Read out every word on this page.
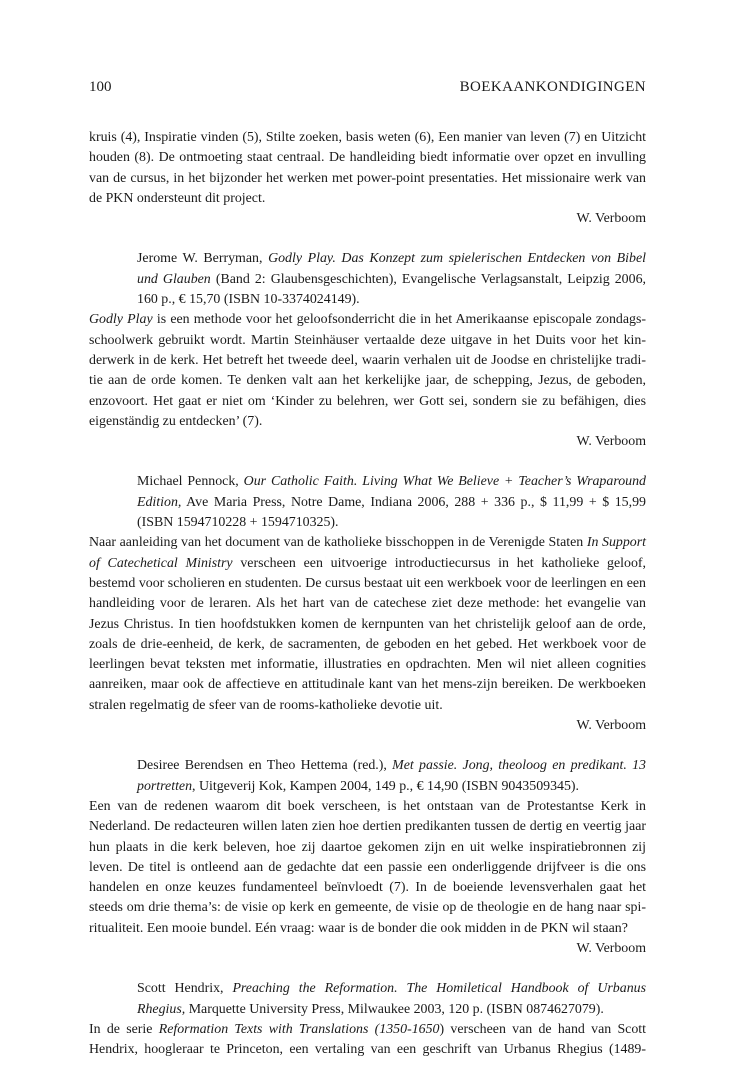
100	BOEKAANKONDIGINGEN

kruis (4), Inspiratie vinden (5), Stilte zoeken, basis weten (6), Een manier van leven (7) en Uitzicht houden (8). De ontmoeting staat centraal. De handleiding biedt informatie over opzet en invulling van de cursus, in het bijzonder het werken met power-point presentaties. Het missionaire werk van de PKN ondersteunt dit project.

W. Verboom

Jerome W. Berryman, Godly Play. Das Konzept zum spielerischen Entdecken von Bibel und Glauben (Band 2: Glaubensgeschichten), Evangelische Verlagsanstalt, Leipzig 2006, 160 p., € 15,70 (ISBN 10-3374024149).

Godly Play is een methode voor het geloofsonderricht die in het Amerikaanse episcopale zondagsschoolwerk gebruikt wordt. Martin Steinhäuser vertaalde deze uitgave in het Duits voor het kinderwerk in de kerk. Het betreft het tweede deel, waarin verhalen uit de Joodse en christelijke traditie aan de orde komen. Te denken valt aan het kerkelijke jaar, de schepping, Jezus, de geboden, enzovoort. Het gaat er niet om ‘Kinder zu belehren, wer Gott sei, sondern sie zu befähigen, dies eigenständig zu entdecken’ (7).

W. Verboom

Michael Pennock, Our Catholic Faith. Living What We Believe + Teacher’s Wraparound Edition, Ave Maria Press, Notre Dame, Indiana 2006, 288 + 336 p., $ 11,99 + $ 15,99 (ISBN 1594710228 + 1594710325).

Naar aanleiding van het document van de katholieke bisschoppen in de Verenigde Staten In Support of Catechetical Ministry verscheen een uitvoerige introductiecursus in het katholieke geloof, bestemd voor scholieren en studenten. De cursus bestaat uit een werkboek voor de leerlingen en een handleiding voor de leraren. Als het hart van de catechese ziet deze methode: het evangelie van Jezus Christus. In tien hoofdstukken komen de kernpunten van het christelijk geloof aan de orde, zoals de drie-eenheid, de kerk, de sacramenten, de geboden en het gebed. Het werkboek voor de leerlingen bevat teksten met informatie, illustraties en opdrachten. Men wil niet alleen cognities aanreiken, maar ook de affectieve en attitudinale kant van het mens-zijn bereiken. De werkboeken stralen regelmatig de sfeer van de rooms-katholieke devotie uit.

W. Verboom

Desiree Berendsen en Theo Hettema (red.), Met passie. Jong, theoloog en predikant. 13 portretten, Uitgeverij Kok, Kampen 2004, 149 p., € 14,90 (ISBN 9043509345).

Een van de redenen waarom dit boek verscheen, is het ontstaan van de Protestantse Kerk in Nederland. De redacteuren willen laten zien hoe dertien predikanten tussen de dertig en veertig jaar hun plaats in die kerk beleven, hoe zij daartoe gekomen zijn en uit welke inspiratiebronnen zij leven. De titel is ontleend aan de gedachte dat een passie een onderliggende drijfveer is die ons handelen en onze keuzes fundamenteel beïnvloedt (7). In de boeiende levensverhalen gaat het steeds om drie thema’s: de visie op kerk en gemeente, de visie op de theologie en de hang naar spiritualiteit. Een mooie bundel. Eén vraag: waar is de bonder die ook midden in de PKN wil staan?

W. Verboom

Scott Hendrix, Preaching the Reformation. The Homiletical Handbook of Urbanus Rhegius, Marquette University Press, Milwaukee 2003, 120 p. (ISBN 0874627079).

In de serie Reformation Texts with Translations (1350-1650) verscheen van de hand van Scott Hendrix, hoogleraar te Princeton, een vertaling van een geschrift van Urbanus Rhegius (1489-
